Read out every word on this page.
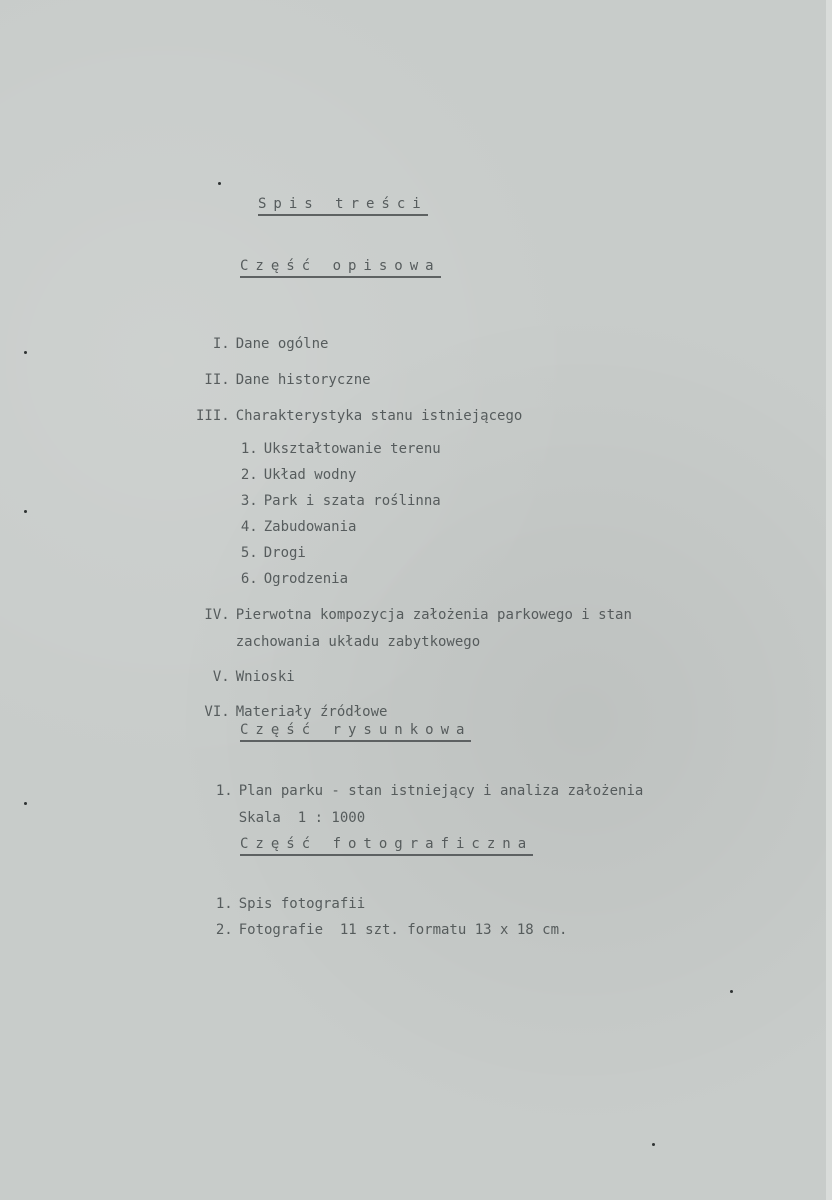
Spis treści
Część opisowa

I. Dane ogólne

II. Dane historyczne

III. Charakterystyka stanu istniejącego

1. Ukształtowanie terenu

2. Układ wodny

3. Park i szata roślinna

4. Zabudowania

5. Drogi

6. Ogrodzenia

IV. Pierwotna kompozycja założenia parkowego i stan

zachowania układu zabytkowego

V. Wnioski

VI. Materiały źródłowe

Część rysunkowa

1. Plan parku - stan istniejący i analiza założenia

Skala  1 : 1000

Część fotograficzna

1. Spis fotografii

2. Fotografie  11 szt. formatu 13 x 18 cm.
